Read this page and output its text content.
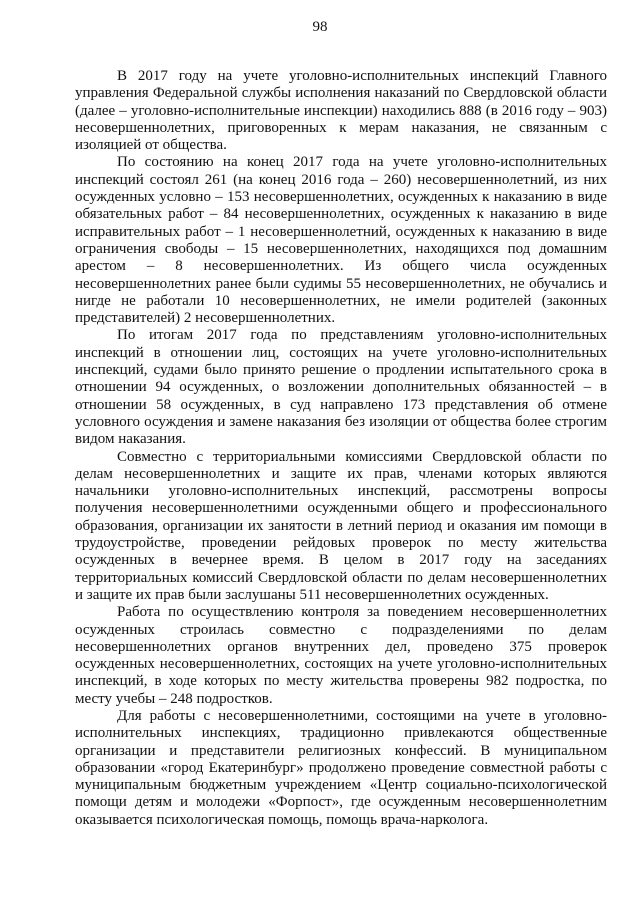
98

В 2017 году на учете уголовно-исполнительных инспекций Главного управления Федеральной службы исполнения наказаний по Свердловской области (далее – уголовно-исполнительные инспекции) находились 888 (в 2016 году – 903) несовершеннолетних, приговоренных к мерам наказания, не связанным с изоляцией от общества.

По состоянию на конец 2017 года на учете уголовно-исполнительных инспекций состоял 261 (на конец 2016 года – 260) несовершеннолетний, из них осужденных условно – 153 несовершеннолетних, осужденных к наказанию в виде обязательных работ – 84 несовершеннолетних, осужденных к наказанию в виде исправительных работ – 1 несовершеннолетний, осужденных к наказанию в виде ограничения свободы – 15 несовершеннолетних, находящихся под домашним арестом – 8 несовершеннолетних. Из общего числа осужденных несовершеннолетних ранее были судимы 55 несовершеннолетних, не обучались и нигде не работали 10 несовершеннолетних, не имели родителей (законных представителей) 2 несовершеннолетних.

По итогам 2017 года по представлениям уголовно-исполнительных инспекций в отношении лиц, состоящих на учете уголовно-исполнительных инспекций, судами было принято решение о продлении испытательного срока в отношении 94 осужденных, о возложении дополнительных обязанностей – в отношении 58 осужденных, в суд направлено 173 представления об отмене условного осуждения и замене наказания без изоляции от общества более строгим видом наказания.

Совместно с территориальными комиссиями Свердловской области по делам несовершеннолетних и защите их прав, членами которых являются начальники уголовно-исполнительных инспекций, рассмотрены вопросы получения несовершеннолетними осужденными общего и профессионального образования, организации их занятости в летний период и оказания им помощи в трудоустройстве, проведении рейдовых проверок по месту жительства осужденных в вечернее время. В целом в 2017 году на заседаниях территориальных комиссий Свердловской области по делам несовершеннолетних и защите их прав были заслушаны 511 несовершеннолетних осужденных.

Работа по осуществлению контроля за поведением несовершеннолетних осужденных строилась совместно с подразделениями по делам несовершеннолетних органов внутренних дел, проведено 375 проверок осужденных несовершеннолетних, состоящих на учете уголовно-исполнительных инспекций, в ходе которых по месту жительства проверены 982 подростка, по месту учебы – 248 подростков.

Для работы с несовершеннолетними, состоящими на учете в уголовно-исполнительных инспекциях, традиционно привлекаются общественные организации и представители религиозных конфессий. В муниципальном образовании «город Екатеринбург» продолжено проведение совместной работы с муниципальным бюджетным учреждением «Центр социально-психологической помощи детям и молодежи «Форпост», где осужденным несовершеннолетним оказывается психологическая помощь, помощь врача-нарколога.
